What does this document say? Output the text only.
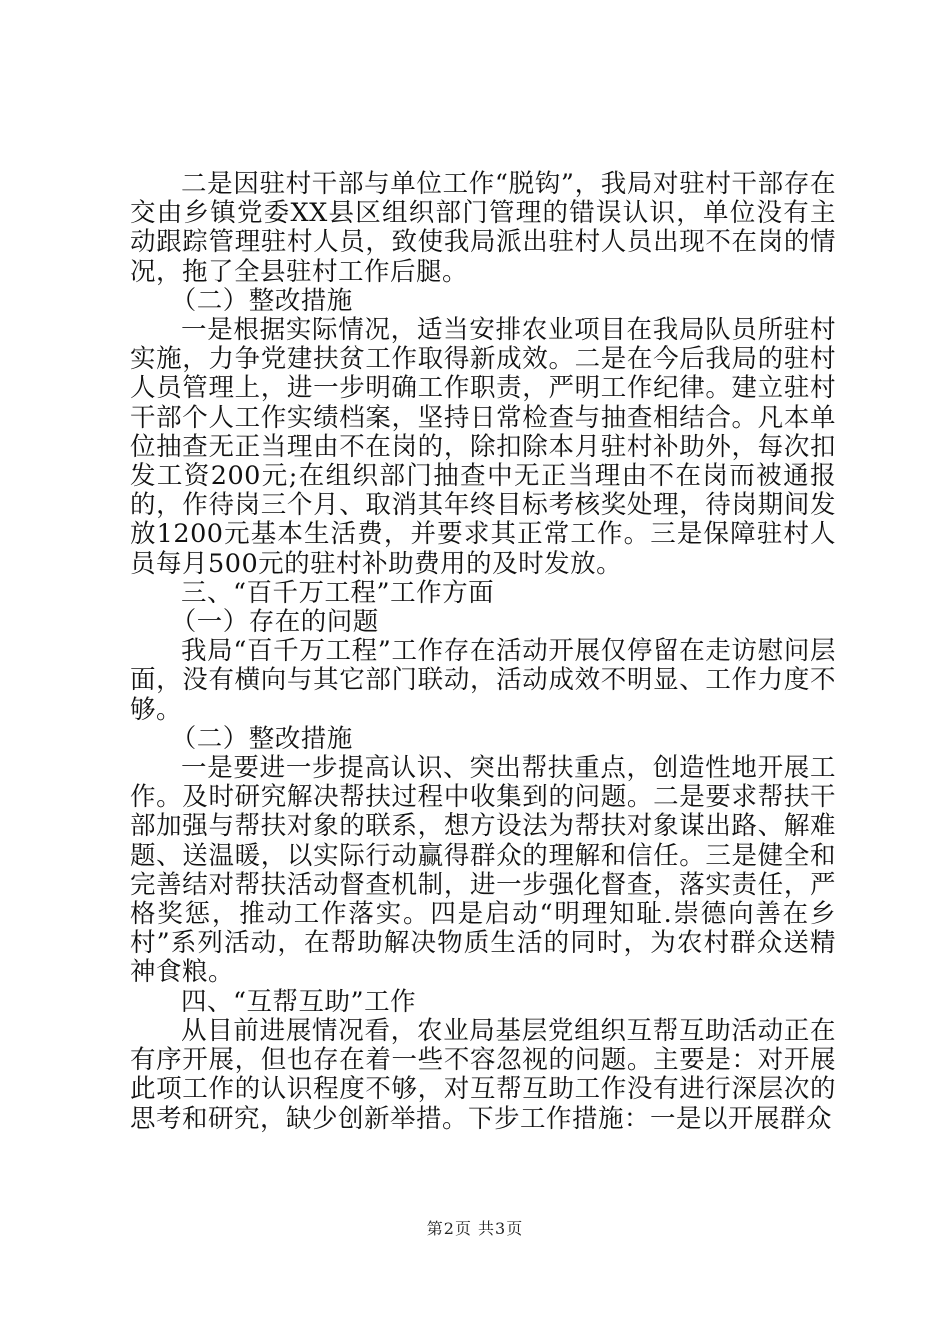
二是因驻村干部与单位工作“脱钩”，我局对驻村干部存在交由乡镇党委XX县区组织部门管理的错误认识，单位没有主动跟踪管理驻村人员，致使我局派出驻村人员出现不在岗的情况，拖了全县驻村工作后腿。

（二）整改措施

一是根据实际情况，适当安排农业项目在我局队员所驻村实施，力争党建扶贫工作取得新成效。二是在今后我局的驻村人员管理上，进一步明确工作职责，严明工作纪律。建立驻村干部个人工作实绩档案，坚持日常检查与抽查相结合。凡本单位抽查无正当理由不在岗的，除扣除本月驻村补助外，每次扣发工资200元;在组织部门抽查中无正当理由不在岗而被通报的，作待岗三个月、取消其年终目标考核奖处理，待岗期间发放1200元基本生活费，并要求其正常工作。三是保障驻村人员每月500元的驻村补助费用的及时发放。

三、“百千万工程”工作方面

（一）存在的问题

我局“百千万工程”工作存在活动开展仅停留在走访慰问层面，没有横向与其它部门联动，活动成效不明显、工作力度不够。

（二）整改措施

一是要进一步提高认识、突出帮扶重点，创造性地开展工作。及时研究解决帮扶过程中收集到的问题。二是要求帮扶干部加强与帮扶对象的联系，想方设法为帮扶对象谋出路、解难题、送温暖，以实际行动赢得群众的理解和信任。三是健全和完善结对帮扶活动督查机制，进一步强化督查，落实责任，严格奖惩，推动工作落实。四是启动“明理知耻.崇德向善在乡村”系列活动，在帮助解决物质生活的同时，为农村群众送精神食粮。

四、“互帮互助”工作

从目前进展情况看，农业局基层党组织互帮互助活动正在有序开展，但也存在着一些不容忽视的问题。主要是：对开展此项工作的认识程度不够，对互帮互助工作没有进行深层次的思考和研究，缺少创新举措。下步工作措施：一是以开展群众

第2页 共3页
